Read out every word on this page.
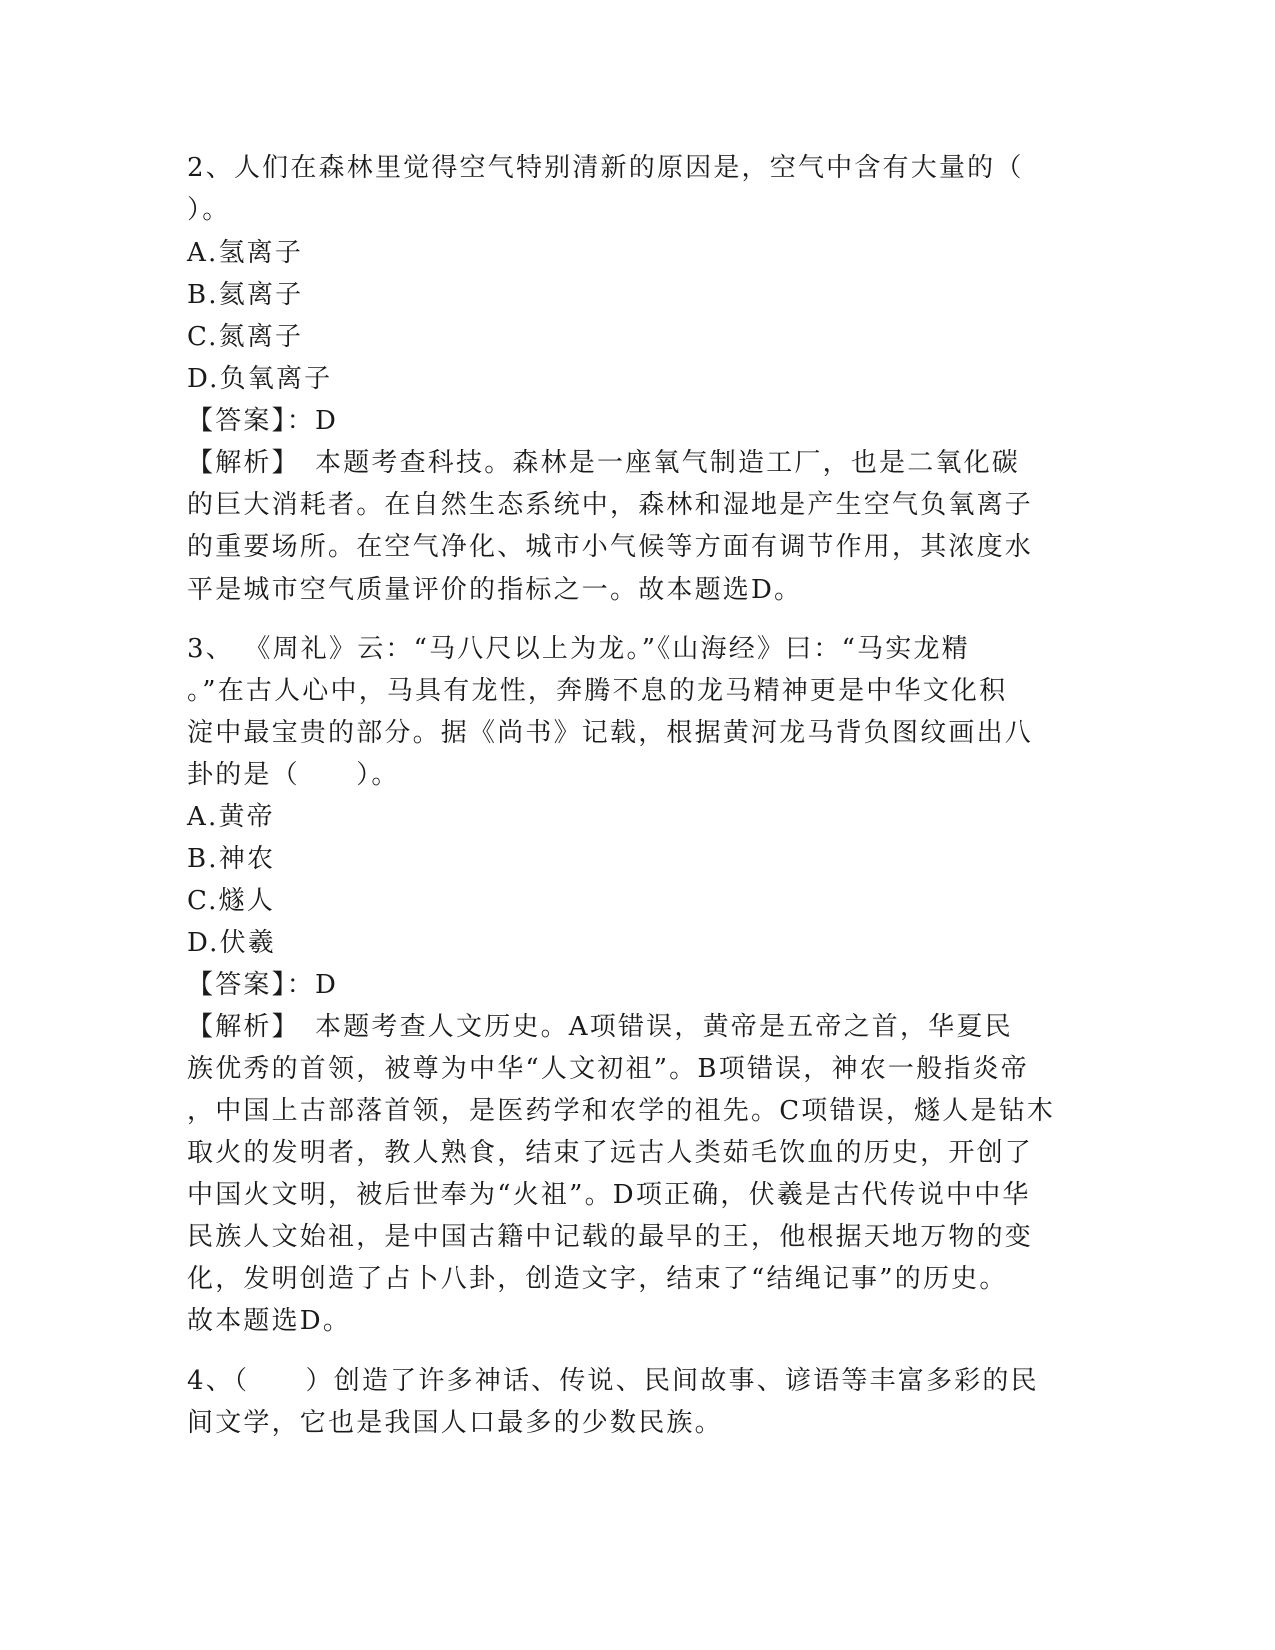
2、人们在森林里觉得空气特别清新的原因是，空气中含有大量的（
）。
A.氢离子
B.氦离子
C.氮离子
D.负氧离子
【答案】：D
【解析】　本题考查科技。森林是一座氧气制造工厂，也是二氧化碳
的巨大消耗者。在自然生态系统中，森林和湿地是产生空气负氧离子
的重要场所。在空气净化、城市小气候等方面有调节作用，其浓度水
平是城市空气质量评价的指标之一。故本题选D。
3、 《周礼》云：“马八尺以上为龙。”《山海经》曰：“马实龙精
。”在古人心中，马具有龙性，奔腾不息的龙马精神更是中华文化积
淀中最宝贵的部分。据《尚书》记载，根据黄河龙马背负图纹画出八
卦的是（　　）。
A.黄帝
B.神农
C.燧人
D.伏羲
【答案】：D
【解析】　本题考查人文历史。A项错误，黄帝是五帝之首，华夏民
族优秀的首领，被尊为中华“人文初祖”。B项错误，神农一般指炎帝
，中国上古部落首领，是医药学和农学的祖先。C项错误，燧人是钻木
取火的发明者，教人熟食，结束了远古人类茹毛饮血的历史，开创了
中国火文明，被后世奉为“火祖”。D项正确，伏羲是古代传说中中华
民族人文始祖，是中国古籍中记载的最早的王，他根据天地万物的变
化，发明创造了占卜八卦，创造文字，结束了“结绳记事”的历史。
故本题选D。
4、（　　）创造了许多神话、传说、民间故事、谚语等丰富多彩的民
间文学，它也是我国人口最多的少数民族。
